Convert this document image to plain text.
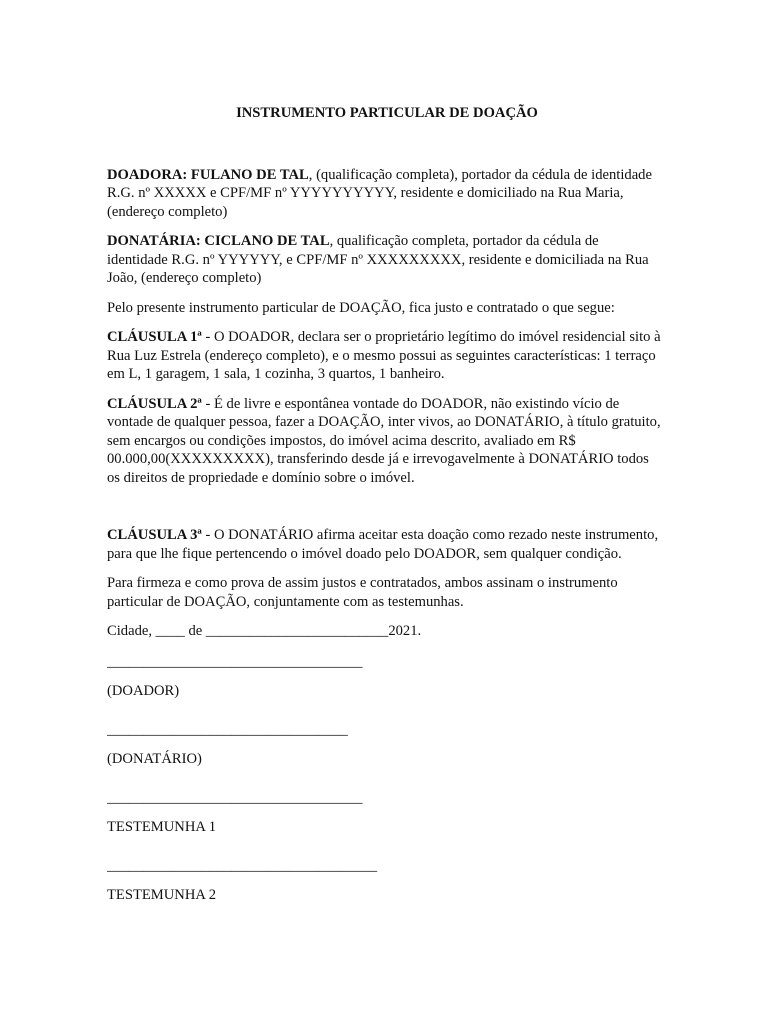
INSTRUMENTO PARTICULAR DE DOAÇÃO

DOADORA: FULANO DE TAL, (qualificação completa), portador da cédula de identidade R.G. nº XXXXX e CPF/MF nº YYYYYYYYYY, residente e domiciliado na Rua Maria, (endereço completo)

DONATÁRIA: CICLANO DE TAL, qualificação completa, portador da cédula de identidade R.G. nº YYYYYY, e CPF/MF nº XXXXXXXXX, residente e domiciliada na Rua João, (endereço completo)

Pelo presente instrumento particular de DOAÇÃO, fica justo e contratado o que segue:

CLÁUSULA 1ª - O DOADOR, declara ser o proprietário legítimo do imóvel residencial sito à Rua Luz Estrela (endereço completo), e o mesmo possui as seguintes características: 1 terraço em L, 1 garagem, 1 sala, 1 cozinha, 3 quartos, 1 banheiro.

CLÁUSULA 2ª - É de livre e espontânea vontade do DOADOR, não existindo vício de vontade de qualquer pessoa, fazer a DOAÇÃO, inter vivos, ao DONATÁRIO, à título gratuito, sem encargos ou condições impostos, do imóvel acima descrito, avaliado em R$ 00.000,00(XXXXXXXXX), transferindo desde já e irrevogavelmente à DONATÁRIO todos os direitos de propriedade e domínio sobre o imóvel.

CLÁUSULA 3ª - O DONATÁRIO afirma aceitar esta doação como rezado neste instrumento, para que lhe fique pertencendo o imóvel doado pelo DOADOR, sem qualquer condição.

Para firmeza e como prova de assim justos e contratados, ambos assinam o instrumento particular de DOAÇÃO, conjuntamente com as testemunhas.

Cidade, ____ de _________________________2021.

___________________________________
(DOADOR)
_________________________________
(DONATÁRIO)
___________________________________
TESTEMUNHA 1
_____________________________________
TESTEMUNHA 2
